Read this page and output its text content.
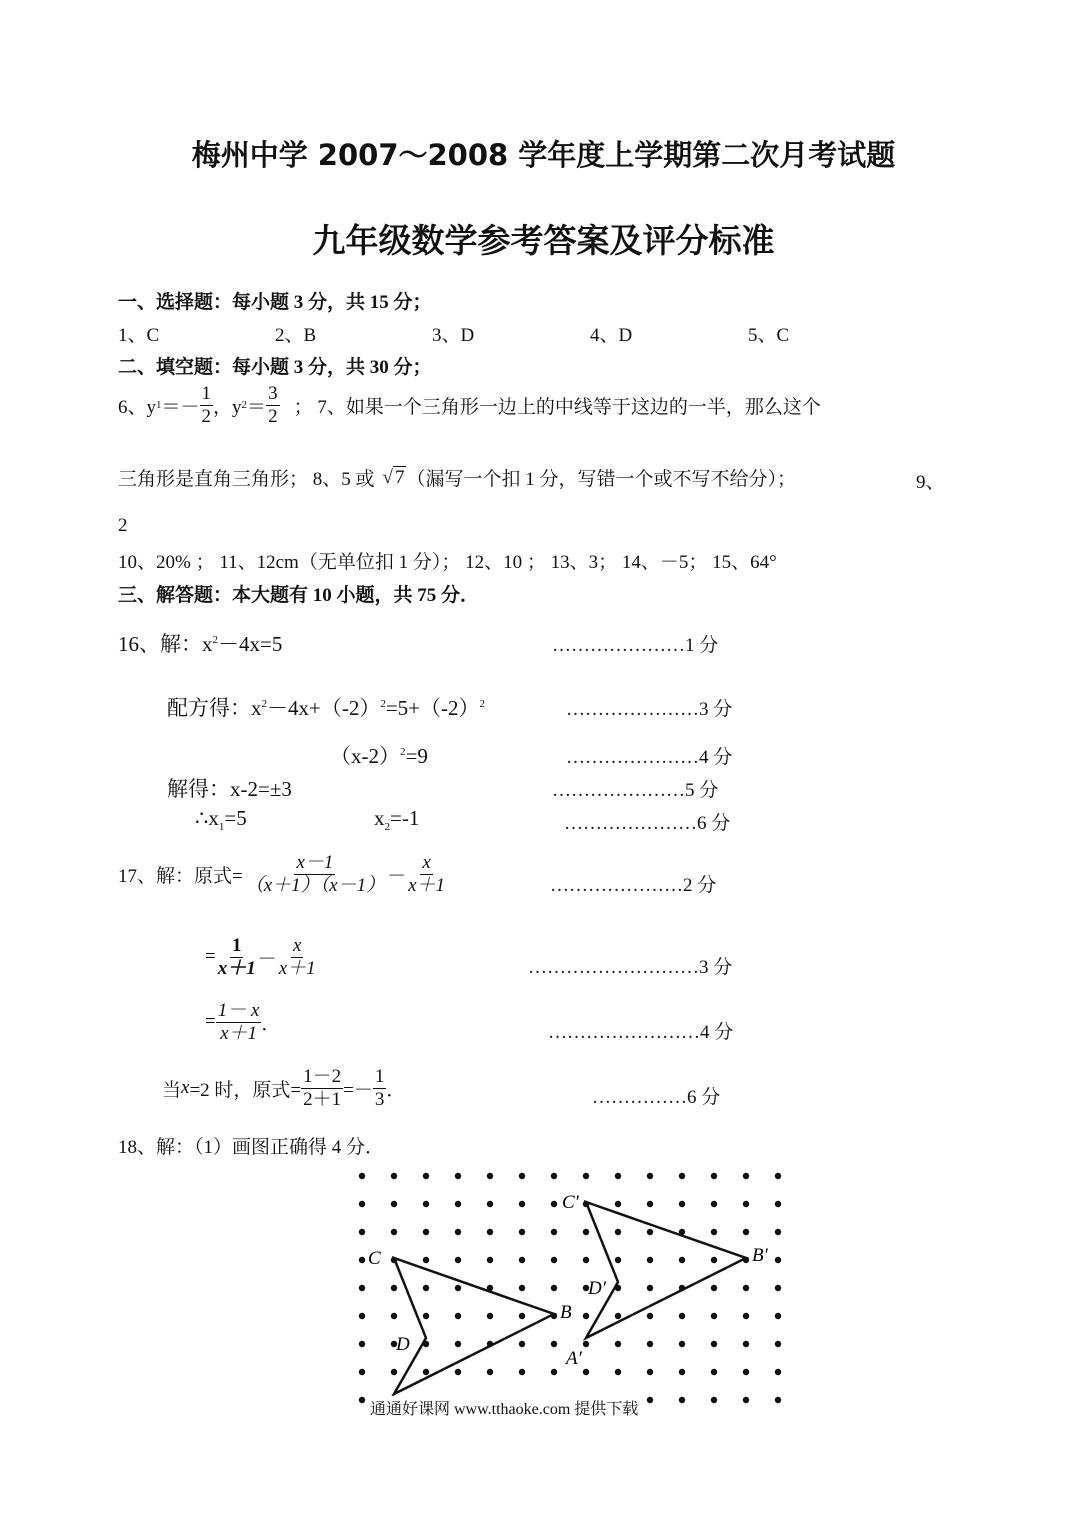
梅州中学 2007～2008 学年度上学期第二次月考试题
九年级数学参考答案及评分标准
一、选择题：每小题 3 分，共 15 分；
1、C	2、B	3、D	4、D	5、C
二、填空题：每小题 3 分，共 30 分；
6、y $1 =- \frac{1}{2}$ ，y $2 = \frac{3}{2}$ ； 7、如果一个三角形一边上的中线等于这边的一半，那么这个
三角形是直角三角形； 8、5 或 √ 7 （漏写一个扣 1 分，写错一个或不写不给分）；	9、
2
10、20% ； 11、12cm（无单位扣 1 分）； 12、10 ； 13、3； 14、－5； 15、64°
三、解答题：本大题有 10 小题，共 75 分．
16、解：$x^2-4x=5$	…………………1 分
配方得：$x^2-4x+(-2)^2=5+(-2)^2$	…………………3 分
$(x-2)^2=9$	…………………4 分
解得：x-2=±3	…………………5 分
$\therefore x_1=5$	$x_2=-1$	…………………6 分
17、解：原式= $\frac{x-1}{(x+1)(x-1)} - \frac{x}{x+1}$	…………………2 分
= $\frac{1}{x+1} - \frac{x}{x+1}$	………………………3 分
= $\frac{1- x}{x+1}$ ．	……………………4 分
当 x =2 时，原式= $\frac{1-2}{2+1} =- \frac{1}{3}$ ．	……………6 分
18、解：（1）画图正确得 4 分．
C
B
D
C′
B′
D′
A′
通通好课网 www.tthaoke.com 提供下载
